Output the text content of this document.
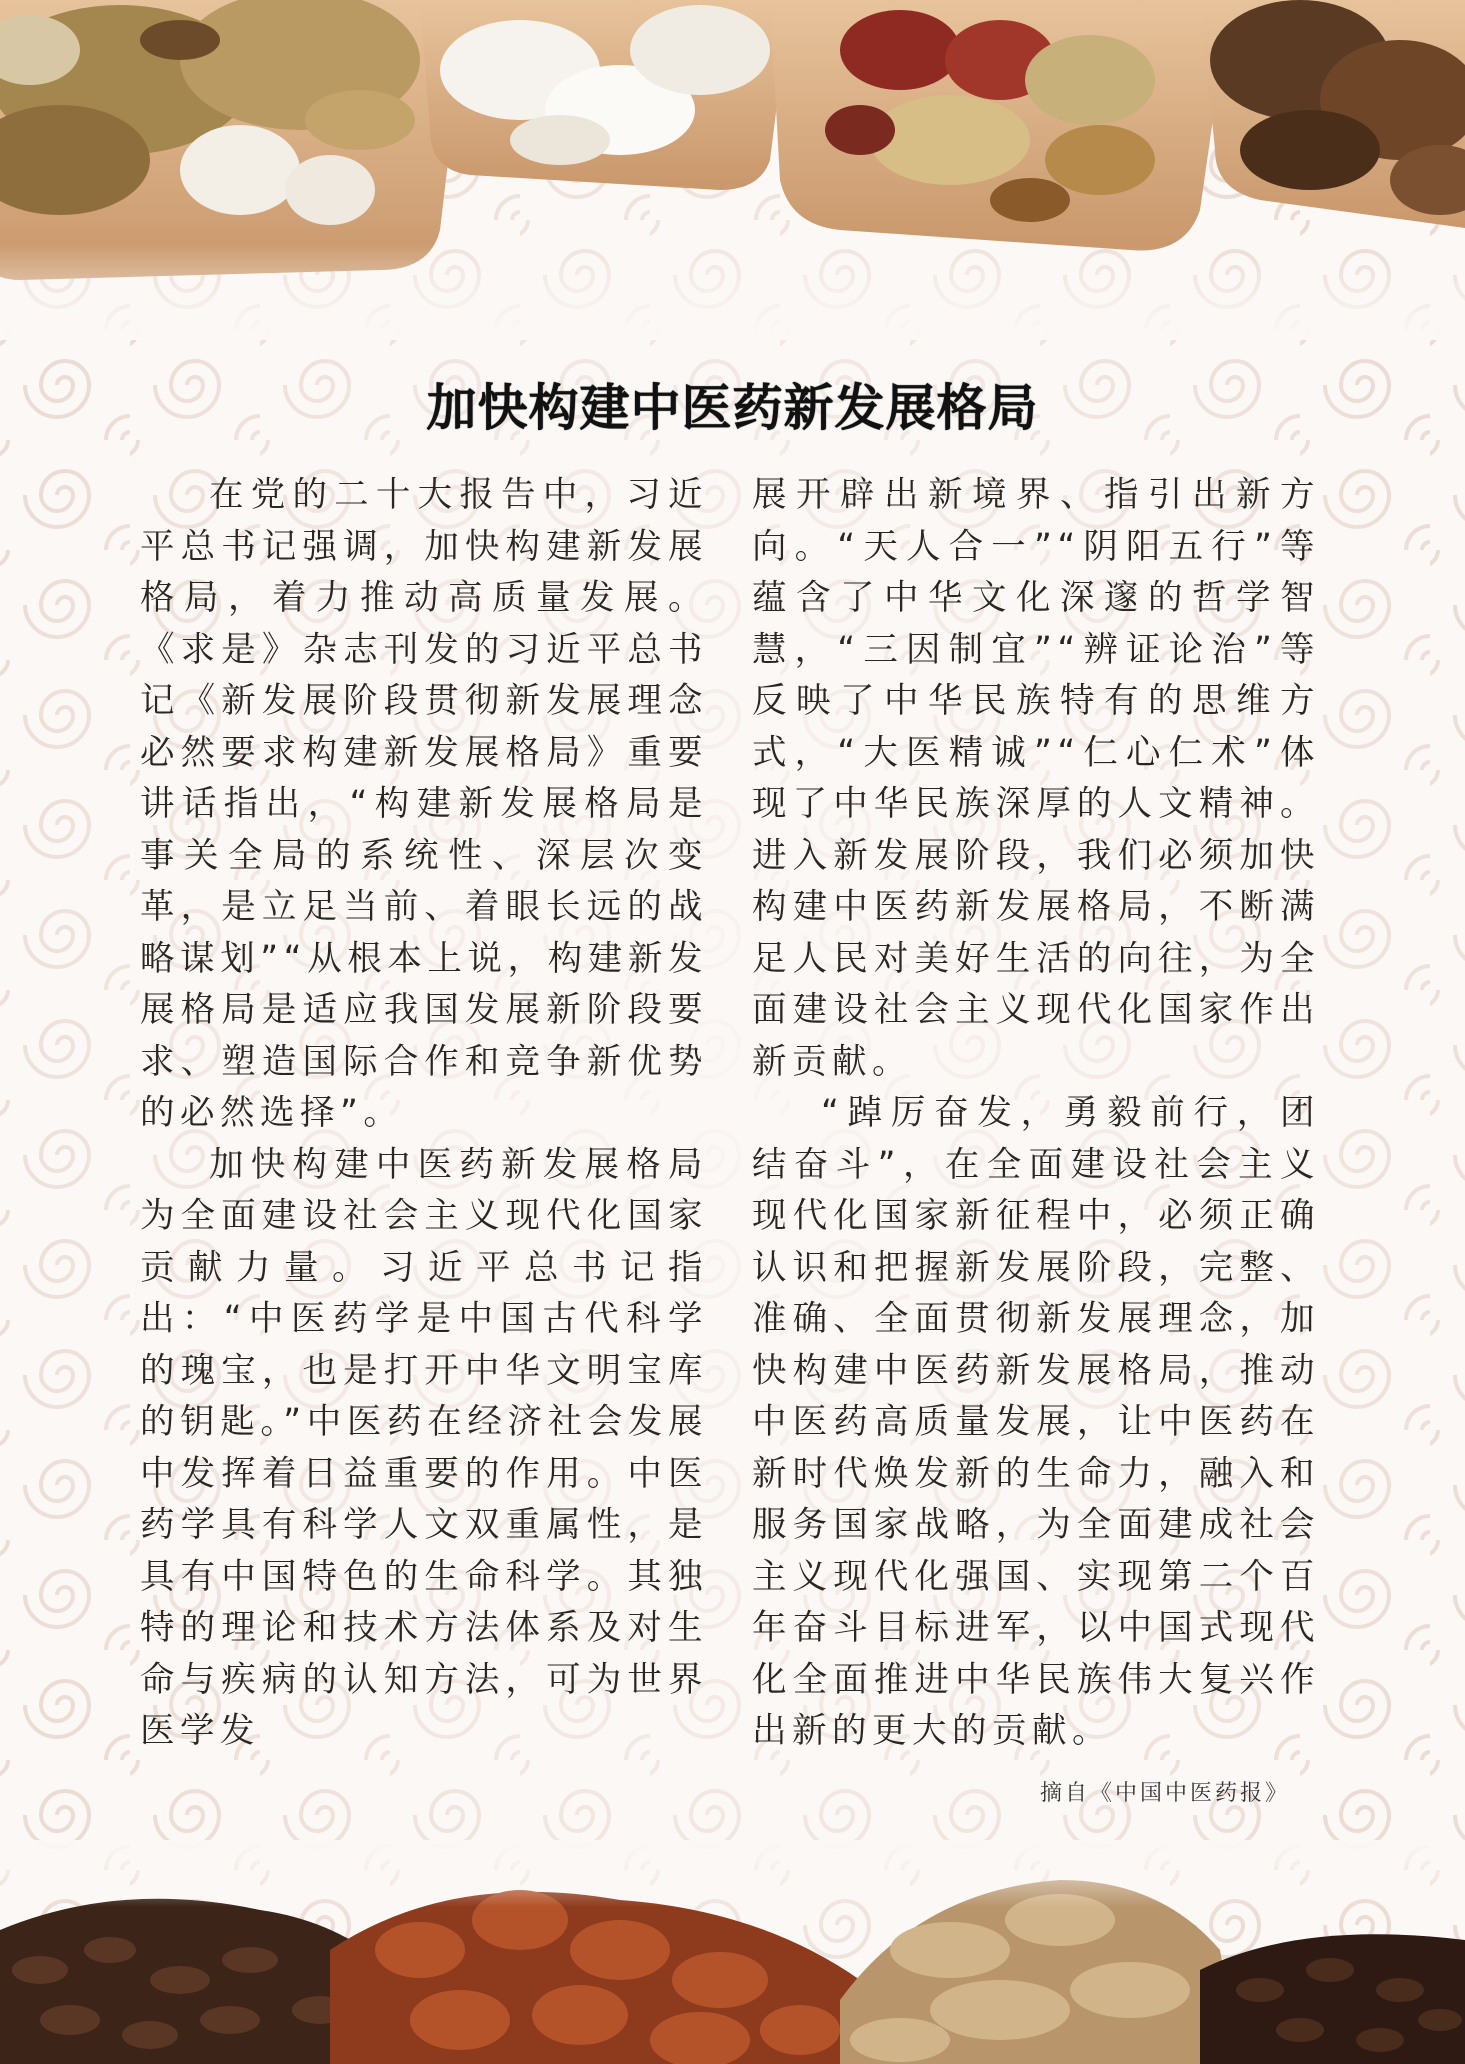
加快构建中医药新发展格局

在党的二十大报告中，习近平总书记强调，加快构建新发展格局，着力推动高质量发展。《求是》杂志刊发的习近平总书记《新发展阶段贯彻新发展理念必然要求构建新发展格局》重要讲话指出，“构建新发展格局是事关全局的系统性、深层次变革，是立足当前、着眼长远的战略谋划”“从根本上说，构建新发展格局是适应我国发展新阶段要求、塑造国际合作和竞争新优势的必然选择”。

加快构建中医药新发展格局为全面建设社会主义现代化国家贡献力量。习近平总书记指出：“中医药学是中国古代科学的瑰宝，也是打开中华文明宝库的钥匙。”中医药在经济社会发展中发挥着日益重要的作用。中医药学具有科学人文双重属性，是具有中国特色的生命科学。其独特的理论和技术方法体系及对生命与疾病的认知方法，可为世界医学发

展开辟出新境界、指引出新方向。“天人合一”“阴阳五行”等蕴含了中华文化深邃的哲学智慧，“三因制宜”“辨证论治”等反映了中华民族特有的思维方式，“大医精诚”“仁心仁术”体现了中华民族深厚的人文精神。进入新发展阶段，我们必须加快构建中医药新发展格局，不断满足人民对美好生活的向往，为全面建设社会主义现代化国家作出新贡献。

“踔厉奋发，勇毅前行，团结奋斗”，在全面建设社会主义现代化国家新征程中，必须正确认识和把握新发展阶段，完整、准确、全面贯彻新发展理念，加快构建中医药新发展格局，推动中医药高质量发展，让中医药在新时代焕发新的生命力，融入和服务国家战略，为全面建成社会主义现代化强国、实现第二个百年奋斗目标进军，以中国式现代化全面推进中华民族伟大复兴作出新的更大的贡献。

摘自《中国中医药报》
